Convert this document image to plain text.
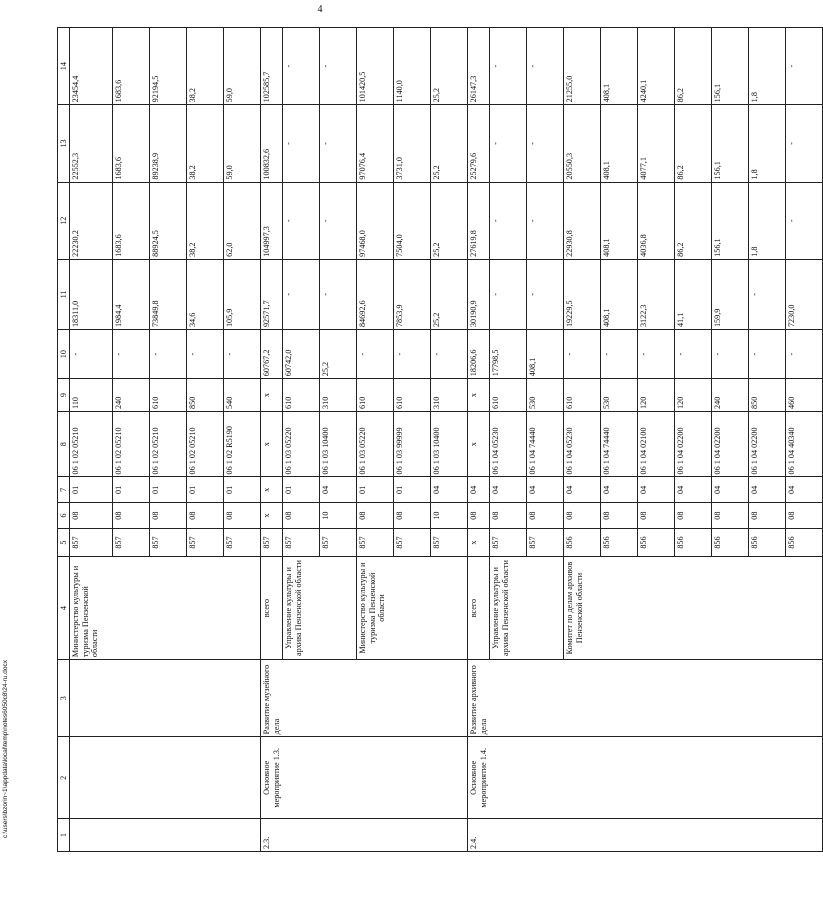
4
c:\users\bzorin~1\appdata\local\temp\notes6050c8\24-ru.docx	1	2	3	4	5	6	7	8	9	10	11	12	13	14
			Министерство культуры и туризма Пензенской области	857	08	01	06 1 02 05210	110	-	18311,0	22230,2	22552,3	23454,4
				857	08	01	06 1 02 05210	240	-	1984,4	1683,6	1683,6	1683,6
				857	08	01	06 1 02 05210	610	-	73849,8	88924,5	89238,9	92194,5
				857	08	01	06 1 02 05210	850	-	34,6	38,2	38,2	38,2
				857	08	01	06 1 02 R5190	540	-	105,9	62,0	59,0	59,0
2.3.	Основное мероприятие 1.3.	Развитие музейного дела	всего	857	x	x	x	x	60767,2	92571,7	104997,3	100832,6	102585,7
			Управление культуры и архива Пензенской области	857	08	01	06 1 03 05220	610	60742,0	-	-	-	-
				857	10	04	06 1 03 10400	310	25,2	-	-	-	-
			Министерство культуры и туризма Пензенской области	857	08	01	06 1 03 05220	610	-	84692,6	97468,0	97076,4	101420,5
				857	08	01	06 1 03 99999	610	-	7853,9	7504,0	3731,0	1140,0
				857	10	04	06 1 03 10400	310	-	25,2	25,2	25,2	25,2
2.4.	Основное мероприятие 1.4.	Развитие архивного дела	всего	x	08	04	x	x	18206,6	30190,9	27619,8	25279,6	26147,3
			Управление культуры и архива Пензенской области	857	08	04	06 1 04 05230	610	17798,5	-	-	-	-
				857	08	04	06 1 04 74440	530	408,1	-	-	-	-
			Комитет по делам архивов Пензенской области	856	08	04	06 1 04 05230	610	-	19229,5	22930,8	20550,3	21255,0
				856	08	04	06 1 04 74440	530	-	408,1	408,1	408,1	408,1
				856	08	04	06 1 04 02100	120	-	3122,3	4036,8	4077,1	4240,1
				856	08	04	06 1 04 02200	120	-	41,1	86,2	86,2	86,2
				856	08	04	06 1 04 02200	240	-	159,9	156,1	156,1	156,1
				856	08	04	06 1 04 02200	850	-	-	1,8	1,8	1,8
				856	08	04	06 1 04 40340	460	-	7230,0	-	-	-
